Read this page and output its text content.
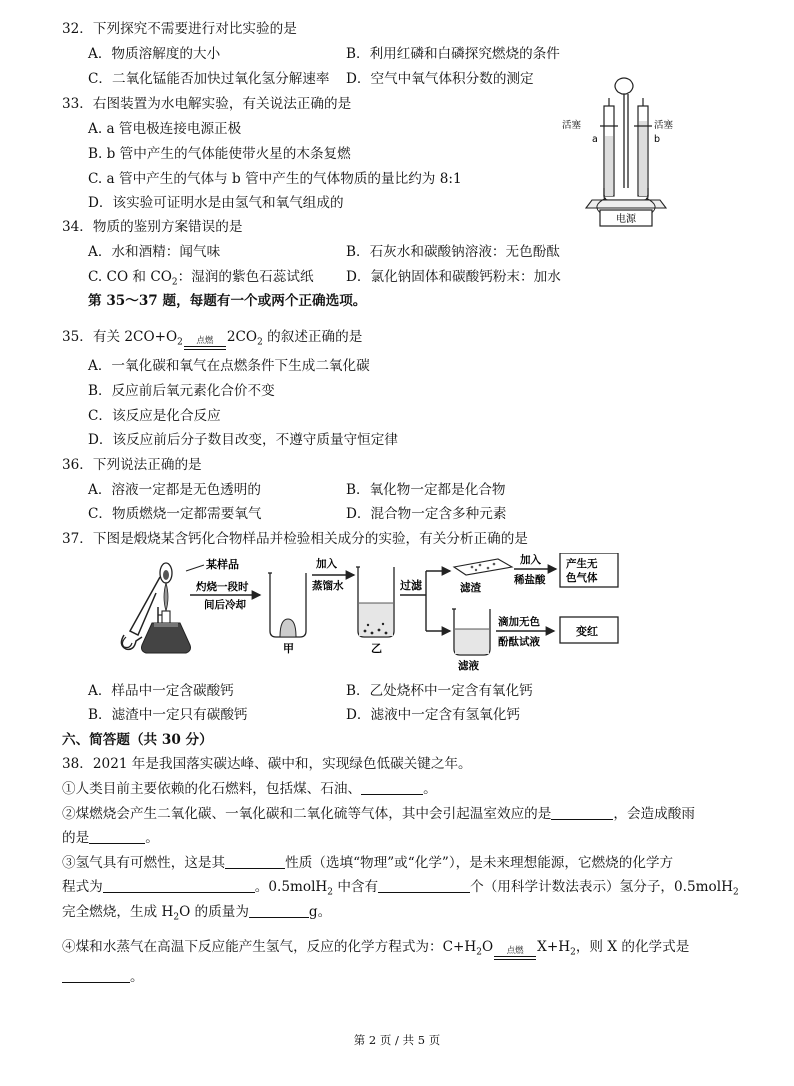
32．下列探究不需要进行对比实验的是
A．物质溶解度的大小	B．利用红磷和白磷探究燃烧的条件
C．二氧化锰能否加快过氧化氢分解速率 D．空气中氧气体积分数的测定
33．右图装置为水电解实验，有关说法正确的是
A. a 管电极连接电源正极
B. b 管中产生的气体能使带火星的木条复燃
C. a 管中产生的气体与 b 管中产生的气体物质的量比约为 8:1
D．该实验可证明水是由氢气和氧气组成的
活塞	活塞
a	b
电源
34．物质的鉴别方案错误的是
A．水和酒精：闻气味	B．石灰水和碳酸钠溶液：无色酚酞
C. CO 和 $CO_2$：湿润的紫色石蕊试纸 D．氯化钠固体和碳酸钙粉末：加水
第 35～37 题，每题有一个或两个正确选项。
35．有关 $2CO+O_2$ 点燃 $2CO_2$ 的叙述正确的是
A．一氧化碳和氧气在点燃条件下生成二氧化碳
B．反应前后氧元素化合价不变
C．该反应是化合反应
D．该反应前后分子数目改变，不遵守质量守恒定律
36．下列说法正确的是
A．溶液一定都是无色透明的	B．氧化物一定都是化合物
C．物质燃烧一定都需要氧气	D．混合物一定含多种元素
37．下图是煅烧某含钙化合物样品并检验相关成分的实验，有关分析正确的是
某样品
灼烧一段时
间后冷却
甲
加入
蒸馏水
乙
过滤	滤渣
加入
稀盐酸
产生无
色气体
滤液
滴加无色
酚酞试液
变红
A．样品中一定含碳酸钙	B．乙处烧杯中一定含有氧化钙
B．滤渣中一定只有碳酸钙	D．滤液中一定含有氢氧化钙
六、简答题（共 30 分）
38．2021 年是我国落实碳达峰、碳中和，实现绿色低碳关键之年。
①人类目前主要依赖的化石燃料，包括煤、石油、	。
②煤燃烧会产生二氧化碳、一氧化碳和二氧化硫等气体，其中会引起温室效应的是	，会造成酸雨
的是	。
③氢气具有可燃性，这是其	性质（选填“物理”或“化学”），是未来理想能源，它燃烧的化学方
程式为	。0.5molH$_2$ 中含有	个（用科学计数法表示）氢分子，0.5molH$_2$
完全燃烧，生成 $H_2O$ 的质量为	g。
④煤和水蒸气在高温下反应能产生氢气，反应的化学方程式为：$C+H_2O$ 点燃 $X+H_2$，则 X 的化学式是
。
第 2 页 / 共 5 页
